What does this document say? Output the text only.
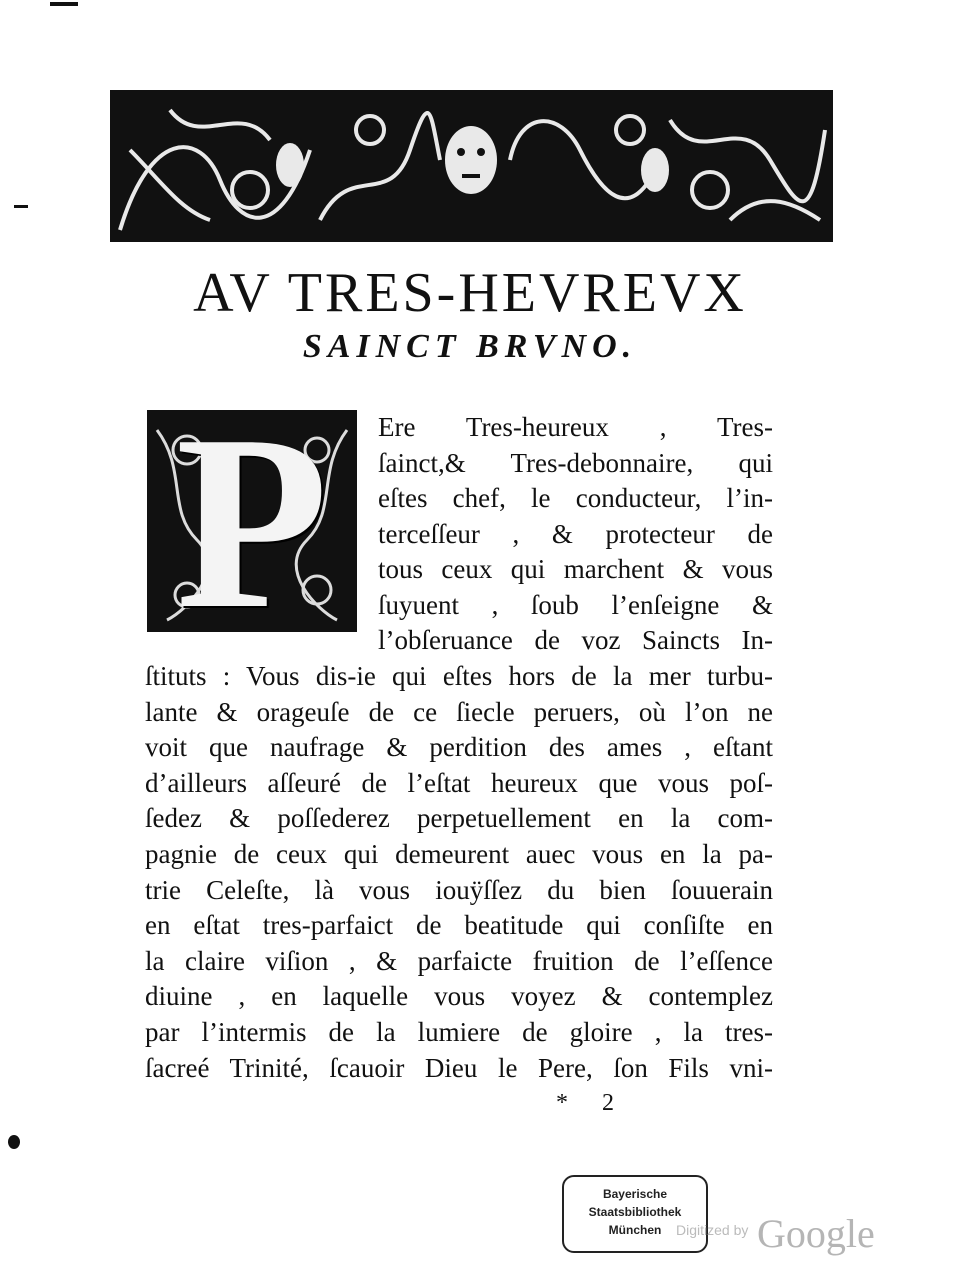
AV TRES-HEVREVX
SAINCT BRVNO.
P	Ere Tres-heureux , Tres-
ſainct,& Tres-debonnaire, qui
eſtes chef, le conducteur, l’in-
terceſſeur , & protecteur de
tous ceux qui marchent & vous
ſuyuent , ſoub l’enſeigne &
l’obſeruance de voz Saincts In-
ſtituts : Vous dis-ie qui eſtes hors de la mer turbu-
lante & orageuſe de ce ſiecle peruers, où l’on ne
voit que naufrage & perdition des ames , eſtant
d’ailleurs aſſeuré de l’eſtat heureux que vous poſ-
ſedez & poſſederez perpetuellement en la com-
pagnie de ceux qui demeurent auec vous en la pa-
trie Celeſte, là vous iouÿſſez du bien ſouuerain
en eſtat tres-parfaict de beatitude qui conſiſte en
la claire viſion , & parfaicte fruition de l’eſſence
diuine , en laquelle vous voyez & contemplez
par l’intermis de la lumiere de gloire , la tres-
ſacreé Trinité, ſcauoir Dieu le Pere, ſon Fils vni-
* 2
Bayerische
Staatsbibliothek
München	Digitized by Google
